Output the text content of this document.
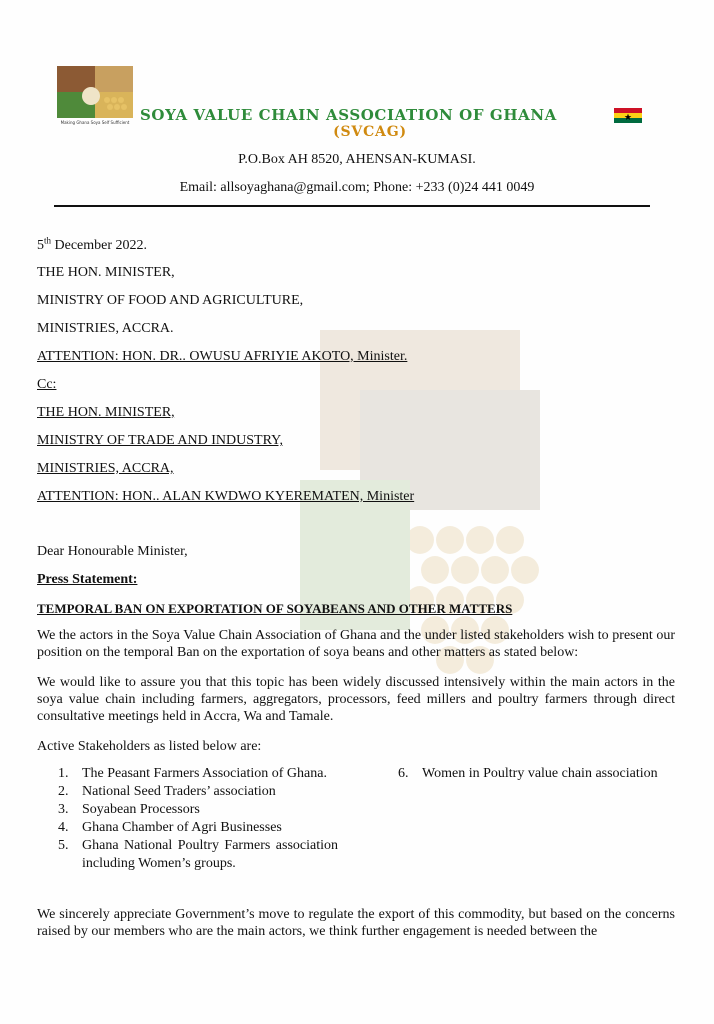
Making Ghana Soya Self Sufficient SOYA VALUE CHAIN ASSOCIATION OF GHANA
(SVCAG)
P.O.Box AH 8520, AHENSAN-KUMASI.
Email: allsoyaghana@gmail.com; Phone: +233 (0)24 441 0049
5th December 2022.
THE HON. MINISTER,
MINISTRY OF FOOD AND AGRICULTURE,
MINISTRIES, ACCRA.
ATTENTION: HON. DR.. OWUSU AFRIYIE AKOTO, Minister.
Cc:
THE HON. MINISTER,
MINISTRY OF TRADE AND INDUSTRY,
MINISTRIES, ACCRA,
ATTENTION: HON.. ALAN KWDWO KYEREMATEN, Minister
Dear Honourable Minister,
Press Statement:
TEMPORAL BAN ON EXPORTATION OF SOYABEANS AND OTHER MATTERS
We the actors in the Soya Value Chain Association of Ghana and the under listed stakeholders wish to present our position on the temporal Ban on the exportation of soya beans and other matters as stated below:
We would like to assure you that this topic has been widely discussed intensively within the main actors in the soya value chain including farmers, aggregators, processors, feed millers and poultry farmers through direct consultative meetings held in Accra, Wa and Tamale.
Active Stakeholders as listed below are:
1. The Peasant Farmers Association of Ghana.
2. National Seed Traders’ association
3. Soyabean Processors
4. Ghana Chamber of Agri Businesses
5. Ghana National Poultry Farmers association including Women’s groups.
6. Women in Poultry value chain association
We sincerely appreciate Government’s move to regulate the export of this commodity, but based on the concerns raised by our members who are the main actors, we think further engagement is needed between the
